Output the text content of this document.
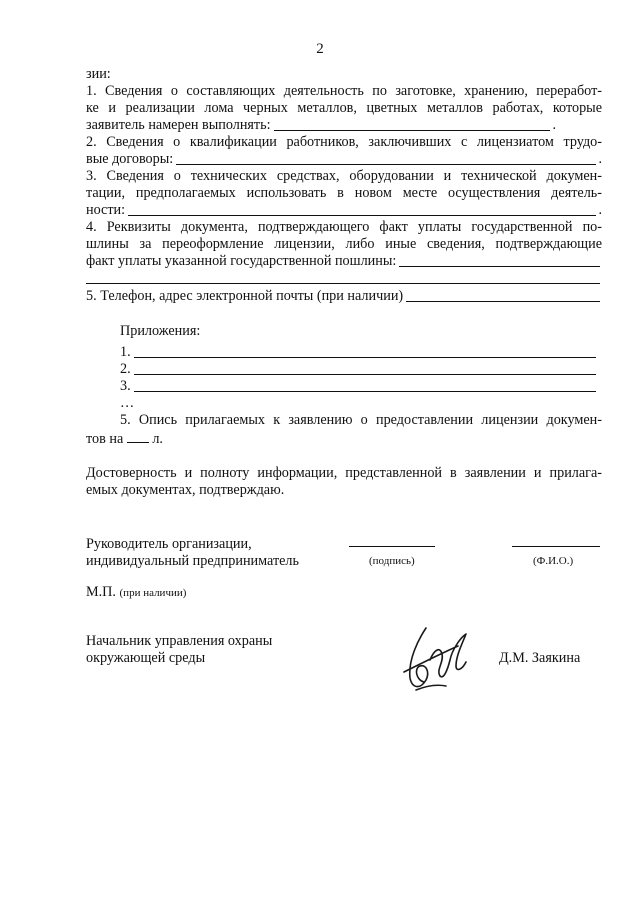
2
зии:
1. Сведения о составляющих деятельность по заготовке, хранению, переработ-
ке и реализации лома черных металлов, цветных металлов работах, которые
заявитель намерен выполнять:	.
2. Сведения о квалификации работников, заключивших с лицензиатом трудо-
вые договоры:	.
3. Сведения о технических средствах, оборудовании и технической докумен-
тации, предполагаемых использовать в новом месте осуществления деятель-
ности:	.
4. Реквизиты документа, подтверждающего факт уплаты государственной по-
шлины за переоформление лицензии, либо иные сведения, подтверждающие
факт уплаты указанной государственной пошлины:
5. Телефон, адрес электронной почты (при наличии)
Приложения:
1.
2.
3.
…
5. Опись прилагаемых к заявлению о предоставлении лицензии докумен-
тов на л.
Достоверность и полноту информации, представленной в заявлении и прилага-
емых документах, подтверждаю.
Руководитель организации,
индивидуальный предприниматель	(подпись)	(Ф.И.О.)
М.П. (при наличии)
Начальник управления охраны
окружающей среды	Д.М. Заякина
